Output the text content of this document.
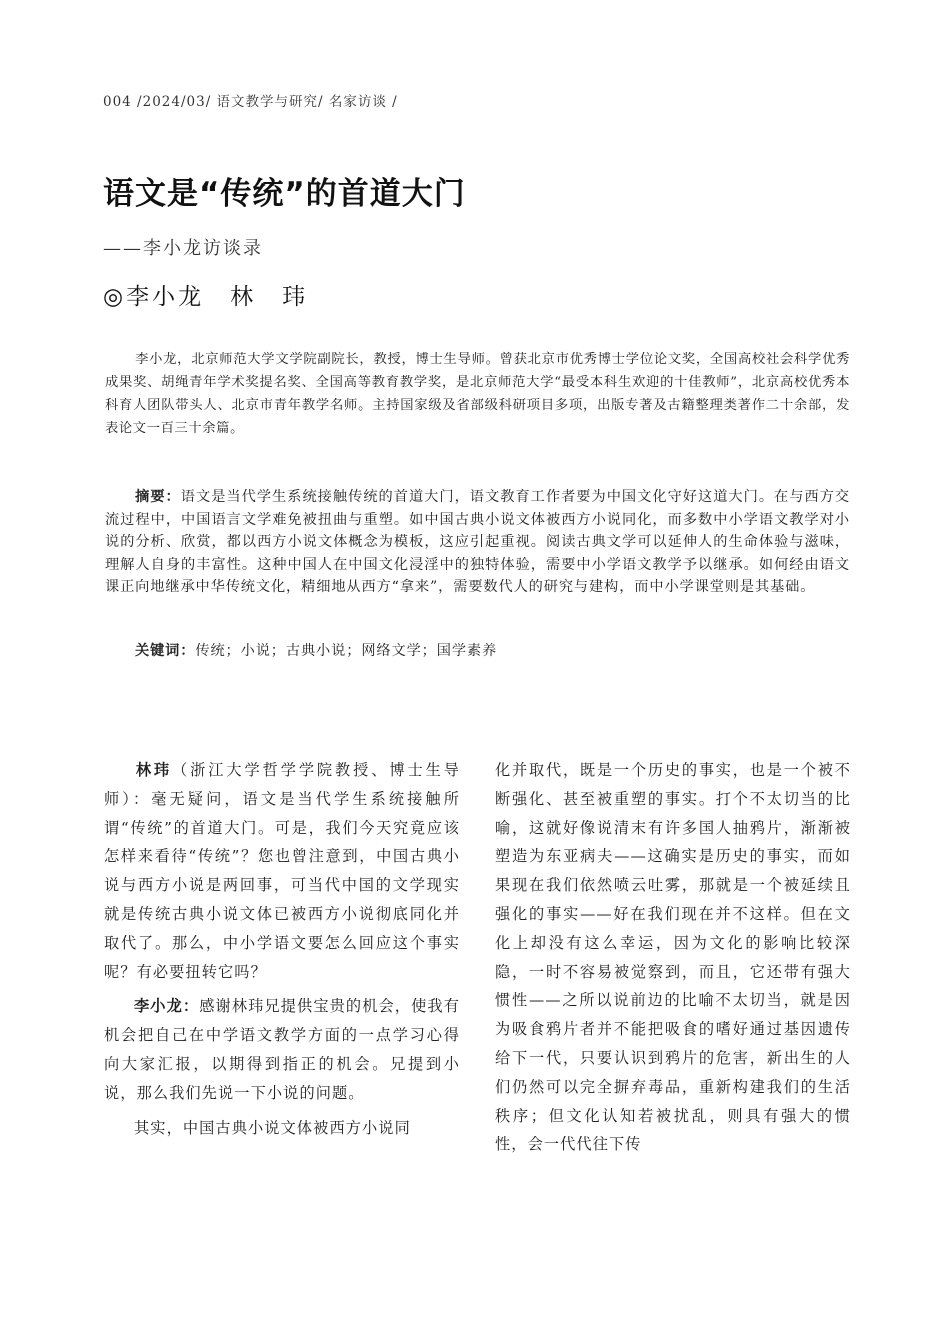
004 /2024/03/ 语文教学与研究/ 名家访谈 /
语文是“传统”的首道大门
——李小龙访谈录
◎李小龙 林　玮

李小龙，北京师范大学文学院副院长，教授，博士生导师。曾获北京市优秀博士学位论文奖，全国高校社会科学优秀成果奖、胡绳青年学术奖提名奖、全国高等教育教学奖，是北京师范大学“最受本科生欢迎的十佳教师”，北京高校优秀本科育人团队带头人、北京市青年教学名师。主持国家级及省部级科研项目多项，出版专著及古籍整理类著作二十余部，发表论文一百三十余篇。

摘要：语文是当代学生系统接触传统的首道大门，语文教育工作者要为中国文化守好这道大门。在与西方交流过程中，中国语言文学难免被扭曲与重塑。如中国古典小说文体被西方小说同化，而多数中小学语文教学对小说的分析、欣赏，都以西方小说文体概念为模板，这应引起重视。阅读古典文学可以延伸人的生命体验与滋味，理解人自身的丰富性。这种中国人在中国文化浸淫中的独特体验，需要中小学语文教学予以继承。如何经由语文课正向地继承中华传统文化，精细地从西方“拿来”，需要数代人的研究与建构，而中小学课堂则是其基础。

关键词：传统；小说；古典小说；网络文学；国学素养

林玮（浙江大学哲学学院教授、博士生导师）：毫无疑问，语文是当代学生系统接触所谓“传统”的首道大门。可是，我们今天究竟应该怎样来看待“传统”？您也曾注意到，中国古典小说与西方小说是两回事，可当代中国的文学现实就是传统古典小说文体已被西方小说彻底同化并取代了。那么，中小学语文要怎么回应这个事实呢？有必要扭转它吗？

李小龙：感谢林玮兄提供宝贵的机会，使我有机会把自己在中学语文教学方面的一点学习心得向大家汇报，以期得到指正的机会。兄提到小说，那么我们先说一下小说的问题。

其实，中国古典小说文体被西方小说同

化并取代，既是一个历史的事实，也是一个被不断强化、甚至被重塑的事实。打个不太切当的比喻，这就好像说清末有许多国人抽鸦片，渐渐被塑造为东亚病夫——这确实是历史的事实，而如果现在我们依然喷云吐雾，那就是一个被延续且强化的事实——好在我们现在并不这样。但在文化上却没有这么幸运，因为文化的影响比较深隐，一时不容易被觉察到，而且，它还带有强大惯性——之所以说前边的比喻不太切当，就是因为吸食鸦片者并不能把吸食的嗜好通过基因遗传给下一代，只要认识到鸦片的危害，新出生的人们仍然可以完全摒弃毒品，重新构建我们的生活秩序；但文化认知若被扰乱，则具有强大的惯性，会一代代往下传
